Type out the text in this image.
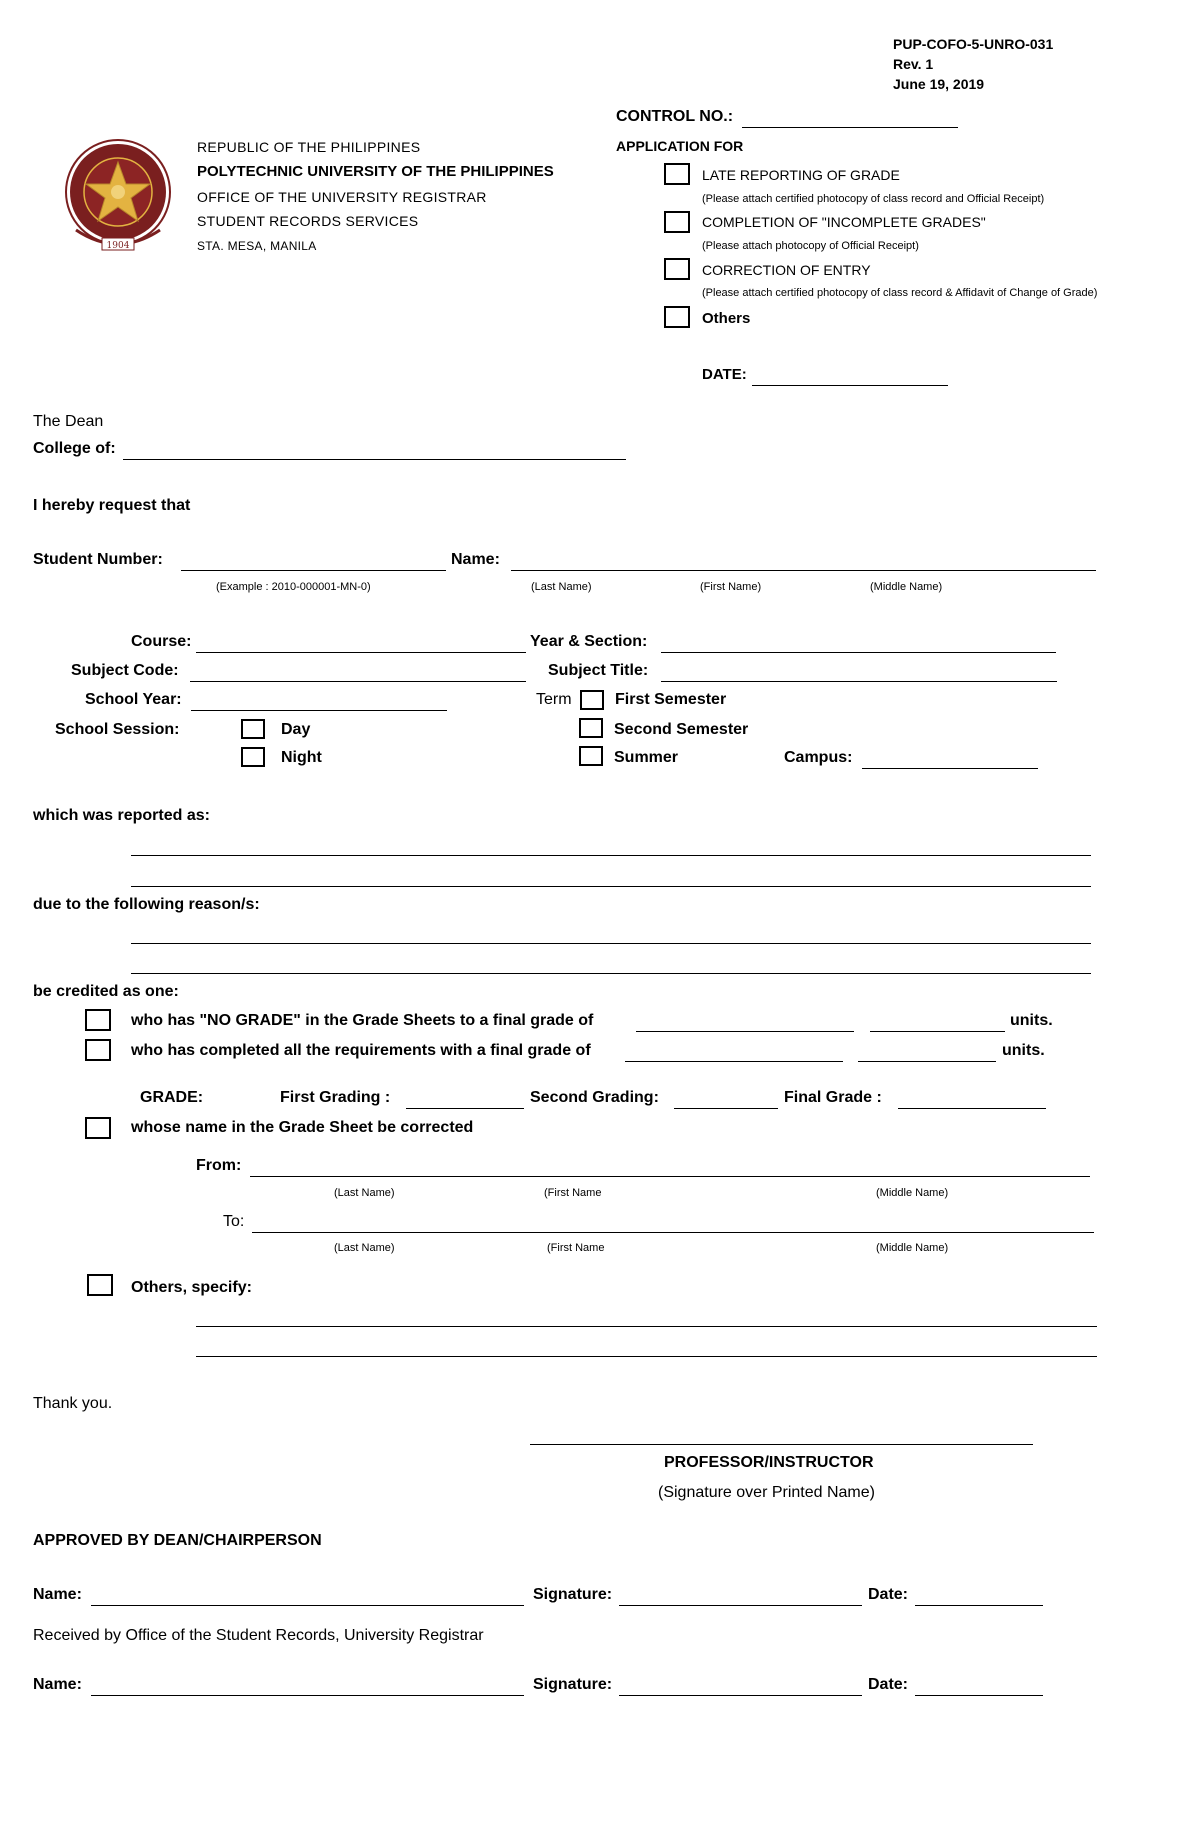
PUP-COFO-5-UNRO-031
Rev. 1
June 19, 2019
CONTROL NO.:
1904
REPUBLIC OF THE PHILIPPINES
POLYTECHNIC UNIVERSITY OF THE PHILIPPINES
OFFICE OF THE UNIVERSITY REGISTRAR
STUDENT RECORDS SERVICES
STA. MESA, MANILA
APPLICATION FOR
LATE REPORTING OF GRADE
(Please attach certified photocopy of class record and Official Receipt)
COMPLETION OF "INCOMPLETE GRADES"
(Please attach photocopy of Official Receipt)
CORRECTION OF ENTRY
(Please attach certified photocopy of class record & Affidavit of Change of Grade)
Others
DATE:
The Dean
College of:
I hereby request that
Student Number:	Name:
(Example : 2010-000001-MN-0)	(Last Name)	(First Name)	(Middle Name)
Course:	Year & Section:
Subject Code:	Subject Title:
School Year:	Term	First Semester
School Session:	Day	Second Semester
Night	Summer	Campus:
which was reported as:
due to the following reason/s:
be credited as one:
who has "NO GRADE" in the Grade Sheets to a final grade of	units.
who has completed all the requirements with a final grade of	units.
GRADE:	First Grading :	Second Grading:	Final Grade :
whose name in the Grade Sheet be corrected
From:
(Last Name)	(First Name	(Middle Name)
To:
(Last Name)	(First Name	(Middle Name)
Others, specify:
Thank you.
PROFESSOR/INSTRUCTOR
(Signature over Printed Name)
APPROVED BY DEAN/CHAIRPERSON
Name:	Signature:	Date:
Received by Office of the Student Records, University Registrar
Name:	Signature:	Date:
